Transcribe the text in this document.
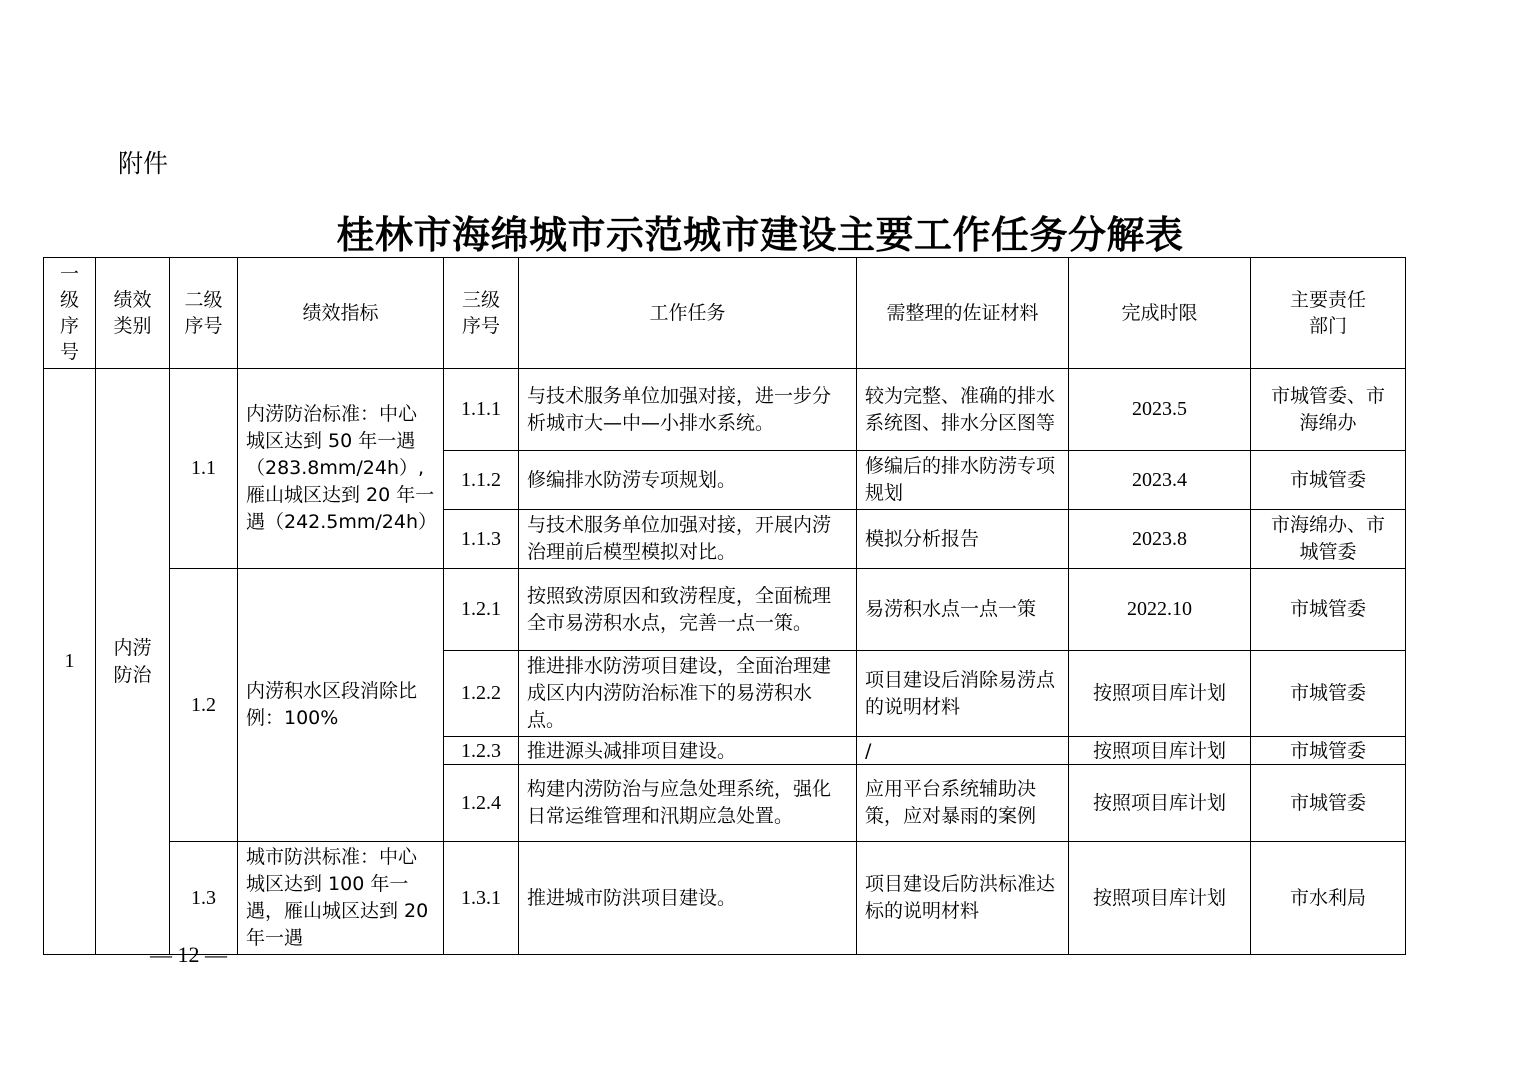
附件
桂林市海绵城市示范城市建设主要工作任务分解表
一级序号	绩效类别	二级序号	绩效指标	三级序号	工作任务	需整理的佐证材料	完成时限	主要责任部门
1	内涝防治	1.1	内涝防治标准：中心城区达到 50 年一遇（283.8mm/24h）,雁山城区达到 20 年一遇（242.5mm/24h）	1.1.1	与技术服务单位加强对接，进一步分析城市大—中—小排水系统。	较为完整、准确的排水系统图、排水分区图等	2023.5	市城管委、市海绵办
				1.1.2	修编排水防涝专项规划。	修编后的排水防涝专项规划	2023.4	市城管委
				1.1.3	与技术服务单位加强对接，开展内涝治理前后模型模拟对比。	模拟分析报告	2023.8	市海绵办、市城管委
		1.2	内涝积水区段消除比例：100%	1.2.1	按照致涝原因和致涝程度，全面梳理全市易涝积水点，完善一点一策。	易涝积水点一点一策	2022.10	市城管委
				1.2.2	推进排水防涝项目建设，全面治理建成区内内涝防治标准下的易涝积水点。	项目建设后消除易涝点的说明材料	按照项目库计划	市城管委
				1.2.3	推进源头减排项目建设。	/	按照项目库计划	市城管委
				1.2.4	构建内涝防治与应急处理系统，强化日常运维管理和汛期应急处置。	应用平台系统辅助决策，应对暴雨的案例	按照项目库计划	市城管委
		1.3	城市防洪标准：中心城区达到 100 年一遇，雁山城区达到 20 年一遇	1.3.1	推进城市防洪项目建设。	项目建设后防洪标准达标的说明材料	按照项目库计划	市水利局
— 12 —
